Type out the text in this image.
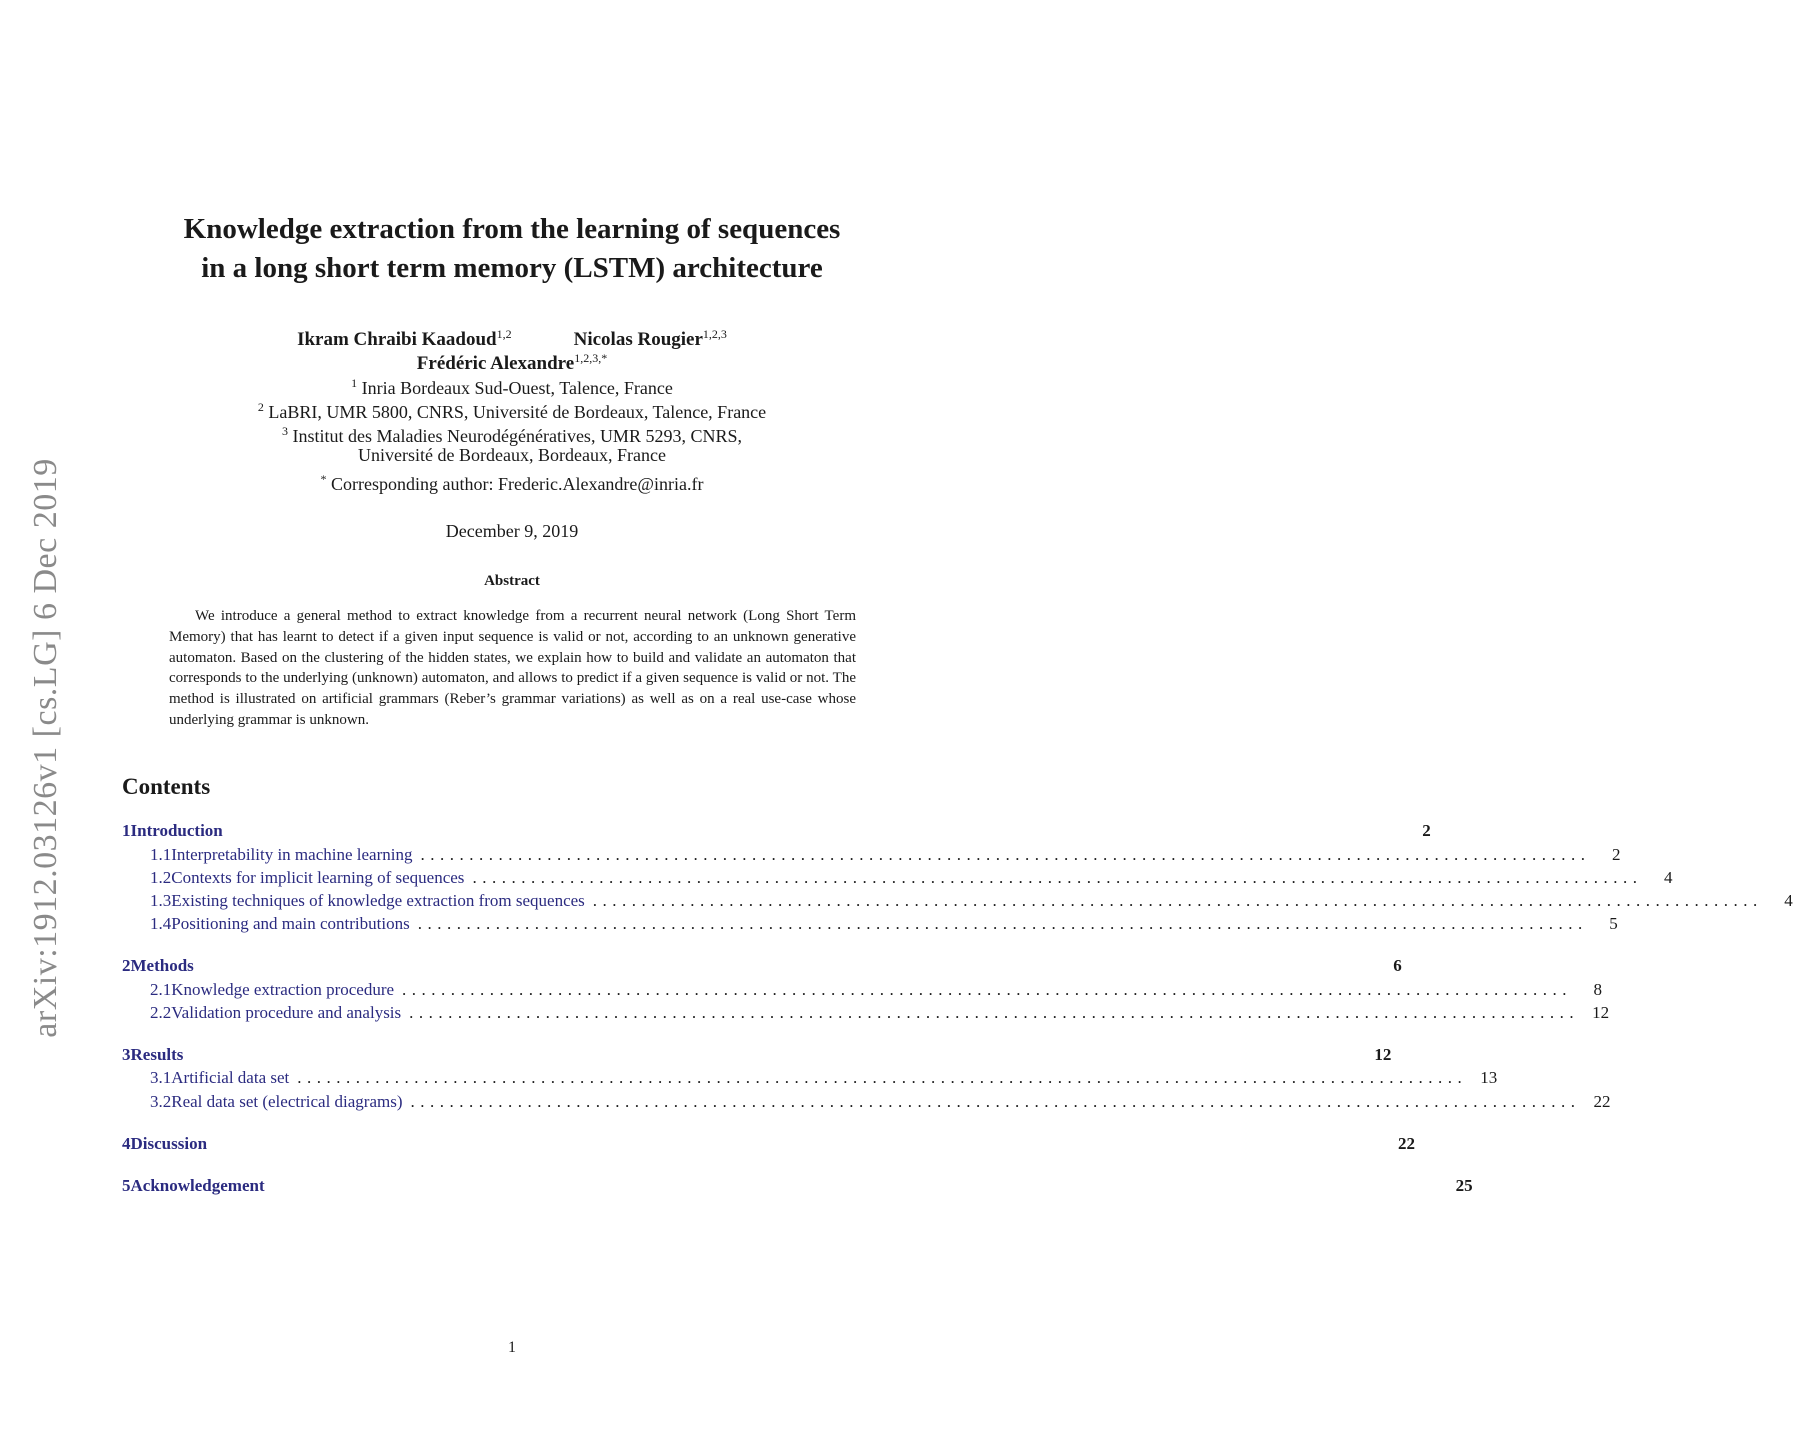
arXiv:1912.03126v1 [cs.LG] 6 Dec 2019
Knowledge extraction from the learning of sequences
in a long short term memory (LSTM) architecture
Ikram Chraibi Kaadoud$^{1,2}$	Nicolas Rougier$^{1,2,3}$
Frédéric Alexandre$^{1,2,3,*}$
$^1$ Inria Bordeaux Sud-Ouest, Talence, France
$^2$ LaBRI, UMR 5800, CNRS, Université de Bordeaux, Talence, France
$^3$ Institut des Maladies Neurodégénératives, UMR 5293, CNRS,
Université de Bordeaux, Bordeaux, France
* Corresponding author: Frederic.Alexandre@inria.fr
December 9, 2019
Abstract
We introduce a general method to extract knowledge from a recurrent neural network (Long Short Term Memory) that has learnt to detect if a given input sequence is valid or not, according to an unknown generative automaton. Based on the clustering of the hidden states, we explain how to build and validate an automaton that corresponds to the underlying (unknown) automaton, and allows to predict if a given sequence is valid or not. The method is illustrated on artificial grammars (Reber’s grammar variations) as well as on a real use-case whose underlying grammar is unknown.
Contents
1 Introduction	2
1.1 Interpretability in machine learning ........................................................................................................................	2
1.2 Contexts for implicit learning of sequences ........................................................................................................................	4
1.3 Existing techniques of knowledge extraction from sequences ........................................................................................................................	4
1.4 Positioning and main contributions ........................................................................................................................	5
2 Methods	6
2.1 Knowledge extraction procedure ........................................................................................................................	8
2.2 Validation procedure and analysis ........................................................................................................................ 12
3 Results	12
3.1 Artificial data set ........................................................................................................................ 13
3.2 Real data set (electrical diagrams) ........................................................................................................................ 22
4 Discussion	22
5 Acknowledgement	25
1
